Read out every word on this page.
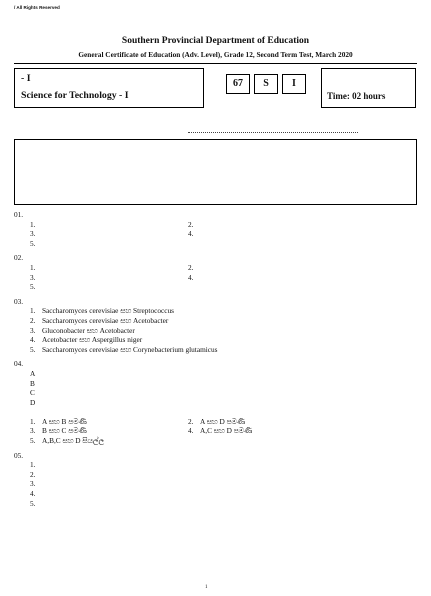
/ All Rights Reserved
Southern Provincial Department of Education
General Certificate of Education (Adv. Level), Grade 12, Second Term Test, March 2020
- I
Science for Technology - I
67	S	I
Time: 02 hours
●
●
●
●
01.
1.	2.
3.	4.
5.
02.
1.	2.
3.	4.
5.
03.
1. Saccharomyces cerevisiae සහ Streptococcus
2. Saccharomyces cerevisiae සහ Acetobacter
3. Gluconobacter සහ Acetobacter
4. Acetobacter සහ Aspergillus niger
5. Saccharomyces cerevisiae සහ Corynebacterium glutamicus
04.
A
B
C
D
1. A සහ B පමණි	2. A සහ D පමණි
3. B සහ C පමණි	4. A,C සහ D පමණි
5. A,B,C සහ D සියල්ල
05.
1.
2.
3.
4.
5.
1
